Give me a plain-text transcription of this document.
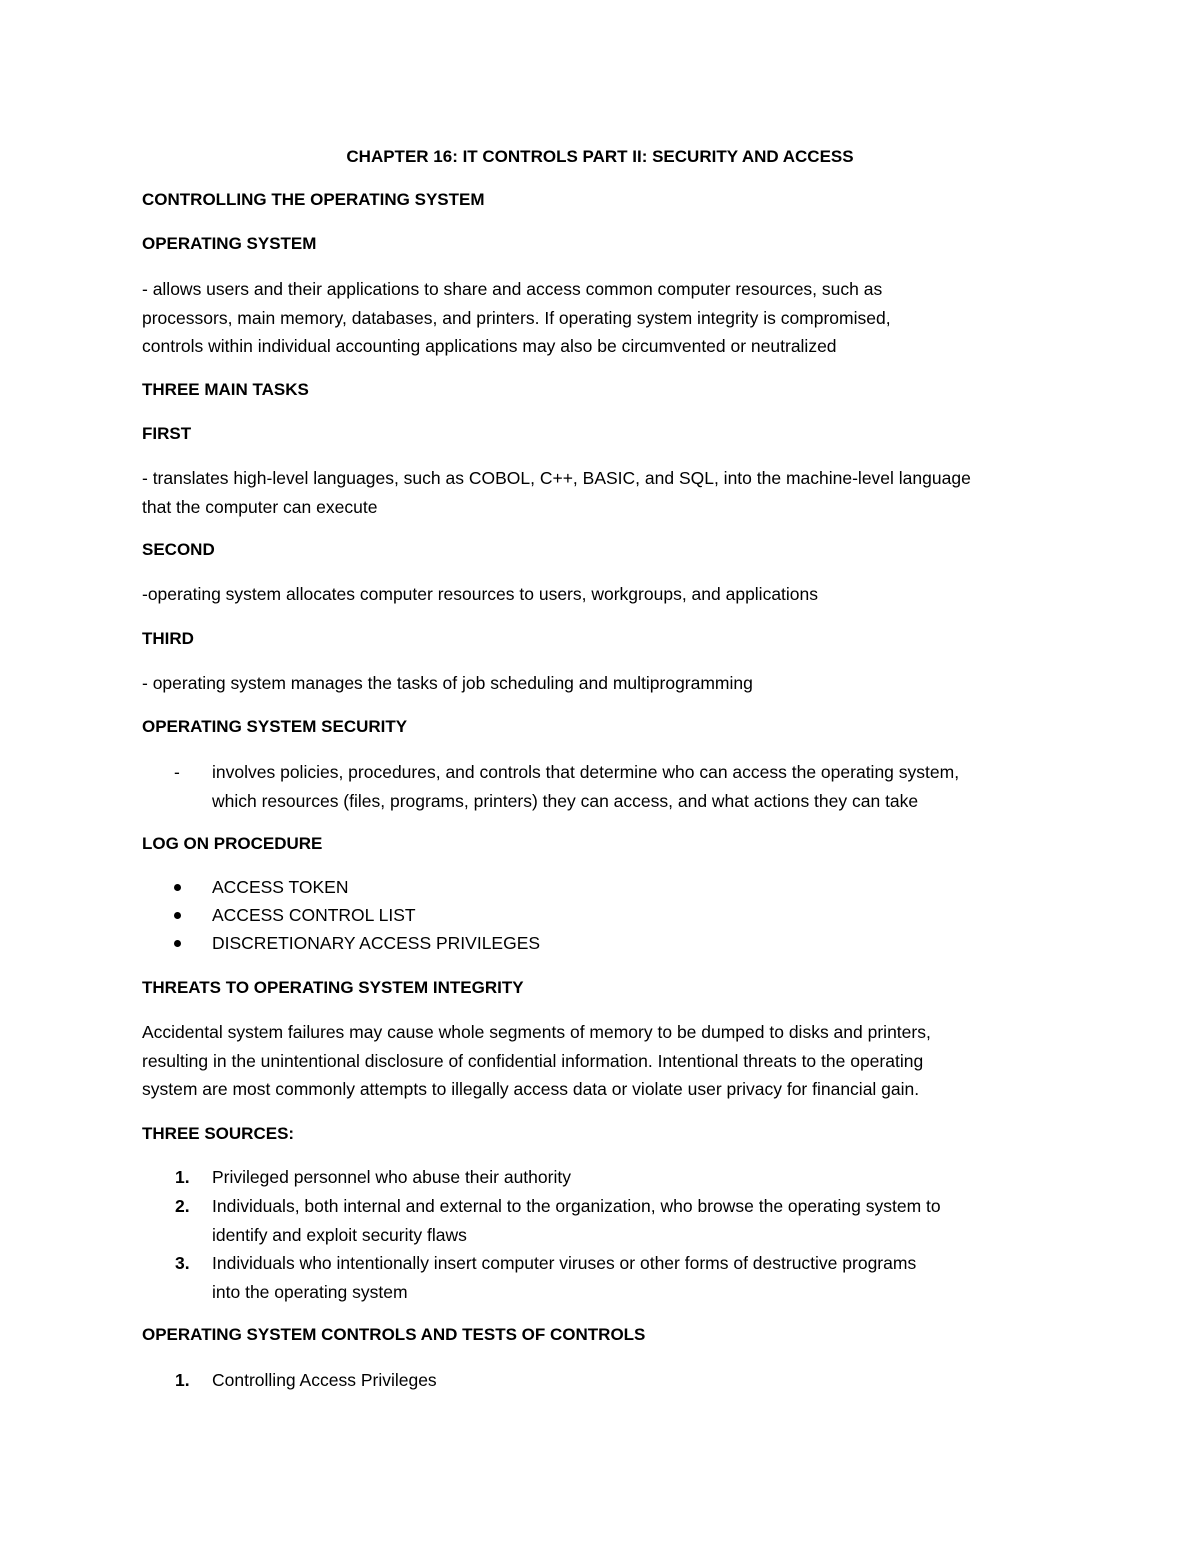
CHAPTER 16: IT CONTROLS PART II: SECURITY AND ACCESS
CONTROLLING THE OPERATING SYSTEM
OPERATING SYSTEM
- allows users and their applications to share and access common computer resources, such as
processors, main memory, databases, and printers. If operating system integrity is compromised,
controls within individual accounting applications may also be circumvented or neutralized
THREE MAIN TASKS
FIRST
- translates high-level languages, such as COBOL, C++, BASIC, and SQL, into the machine-level language
that the computer can execute
SECOND
-operating system allocates computer resources to users, workgroups, and applications
THIRD
- operating system manages the tasks of job scheduling and multiprogramming
OPERATING SYSTEM SECURITY
-	involves policies, procedures, and controls that determine who can access the operating system,
which resources (files, programs, printers) they can access, and what actions they can take
LOG ON PROCEDURE
ACCESS TOKEN
ACCESS CONTROL LIST
DISCRETIONARY ACCESS PRIVILEGES
THREATS TO OPERATING SYSTEM INTEGRITY
Accidental system failures may cause whole segments of memory to be dumped to disks and printers,
resulting in the unintentional disclosure of confidential information. Intentional threats to the operating
system are most commonly attempts to illegally access data or violate user privacy for financial gain.
THREE SOURCES:
1.	Privileged personnel who abuse their authority
2.	Individuals, both internal and external to the organization, who browse the operating system to
identify and exploit security flaws
3.	Individuals who intentionally insert computer viruses or other forms of destructive programs
into the operating system
OPERATING SYSTEM CONTROLS AND TESTS OF CONTROLS
1.	Controlling Access Privileges
